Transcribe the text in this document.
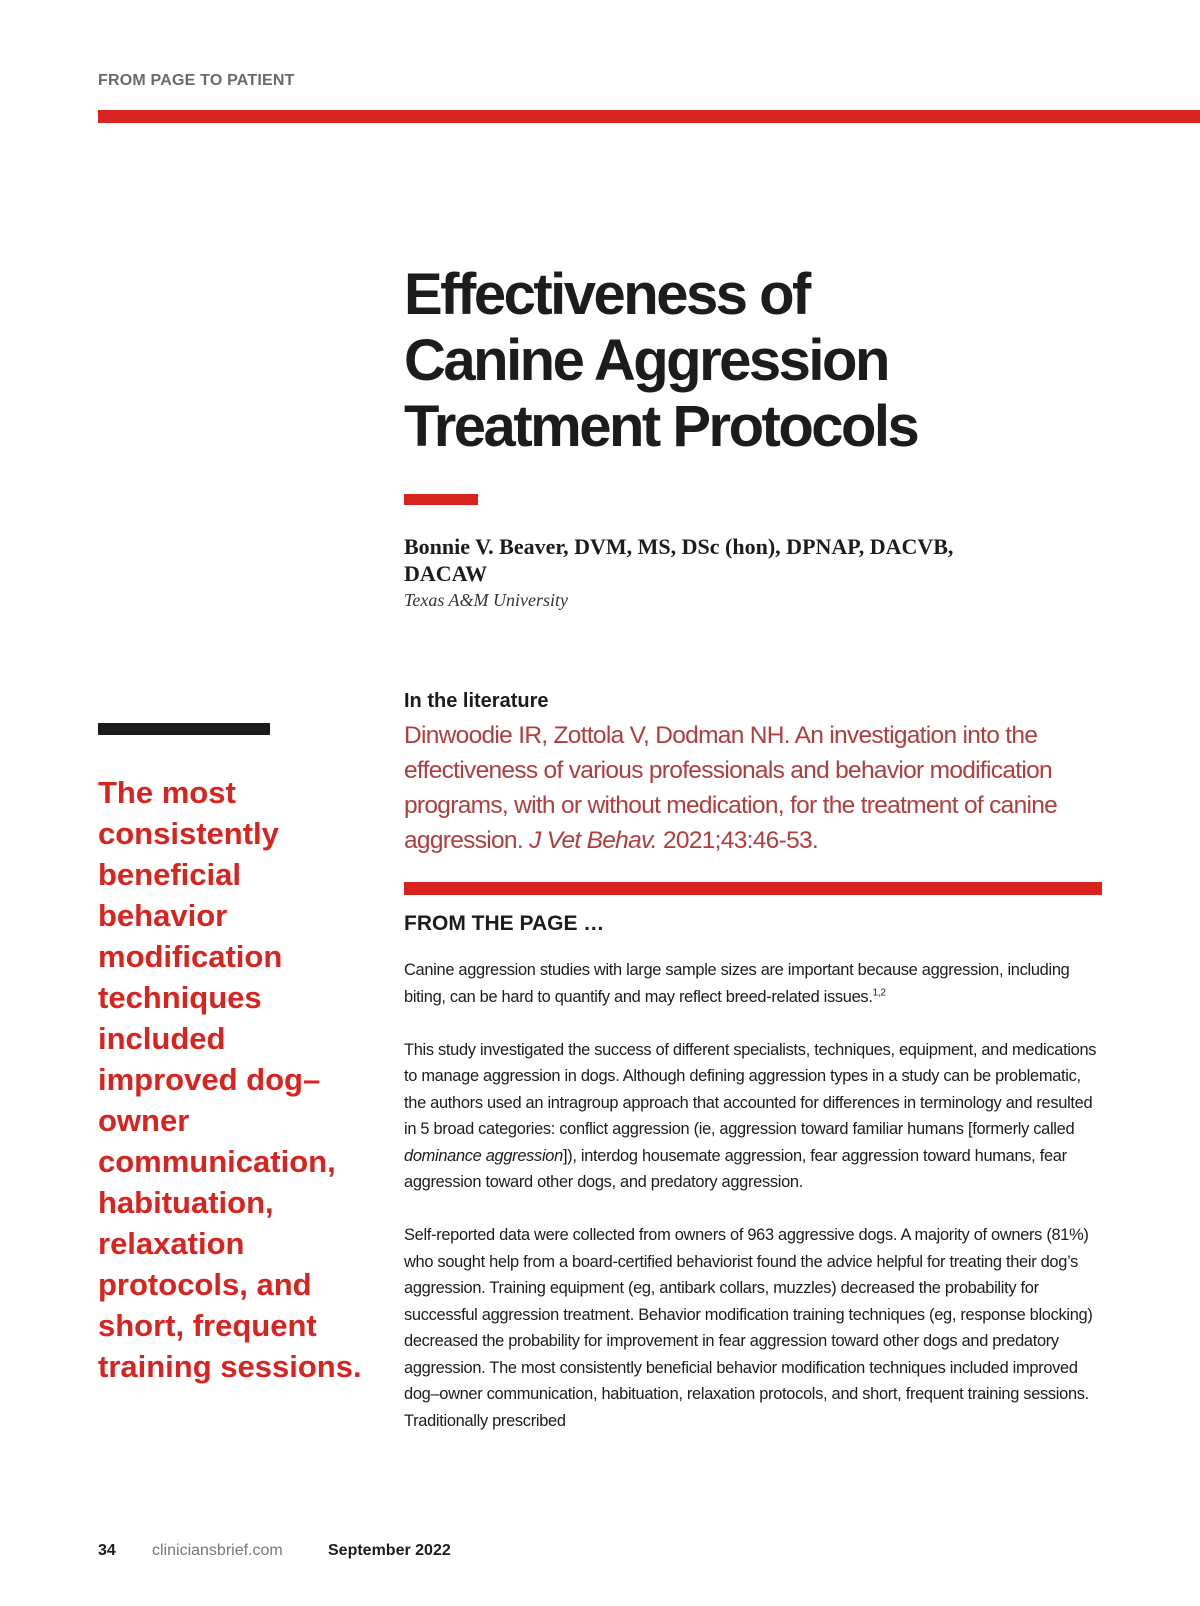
FROM PAGE TO PATIENT
Effectiveness of
Canine Aggression
Treatment Protocols
Bonnie V. Beaver, DVM, MS, DSc (hon), DPNAP, DACVB, DACAW
Texas A&M University

The most consistently beneficial behavior modification techniques included improved dog–owner communication, habituation, relaxation protocols, and short, frequent training sessions.

In the literature

Dinwoodie IR, Zottola V, Dodman NH. An investigation into the effectiveness of various professionals and behavior modification programs, with or without medication, for the treatment of canine aggression. J Vet Behav. 2021;43:46-53.

FROM THE PAGE …

Canine aggression studies with large sample sizes are important because aggression, including biting, can be hard to quantify and may reflect breed-related issues.$^{1,2}$

This study investigated the success of different specialists, techniques, equipment, and medications to manage aggression in dogs. Although defining aggression types in a study can be problematic, the authors used an intragroup approach that accounted for differences in terminology and resulted in 5 broad categories: conflict aggression (ie, aggression toward familiar humans [formerly called dominance aggression]), interdog housemate aggression, fear aggression toward humans, fear aggression toward other dogs, and predatory aggression.

Self-reported data were collected from owners of 963 aggressive dogs. A majority of owners (81%) who sought help from a board-certified behaviorist found the advice helpful for treating their dog’s aggression. Training equipment (eg, antibark collars, muzzles) decreased the probability for successful aggression treatment. Behavior modification training techniques (eg, response blocking) decreased the probability for improvement in fear aggression toward other dogs and predatory aggression. The most consistently beneficial behavior modification techniques included improved dog–owner communication, habituation, relaxation protocols, and short, frequent training sessions. Traditionally prescribed

34 cliniciansbrief.com	September 2022
